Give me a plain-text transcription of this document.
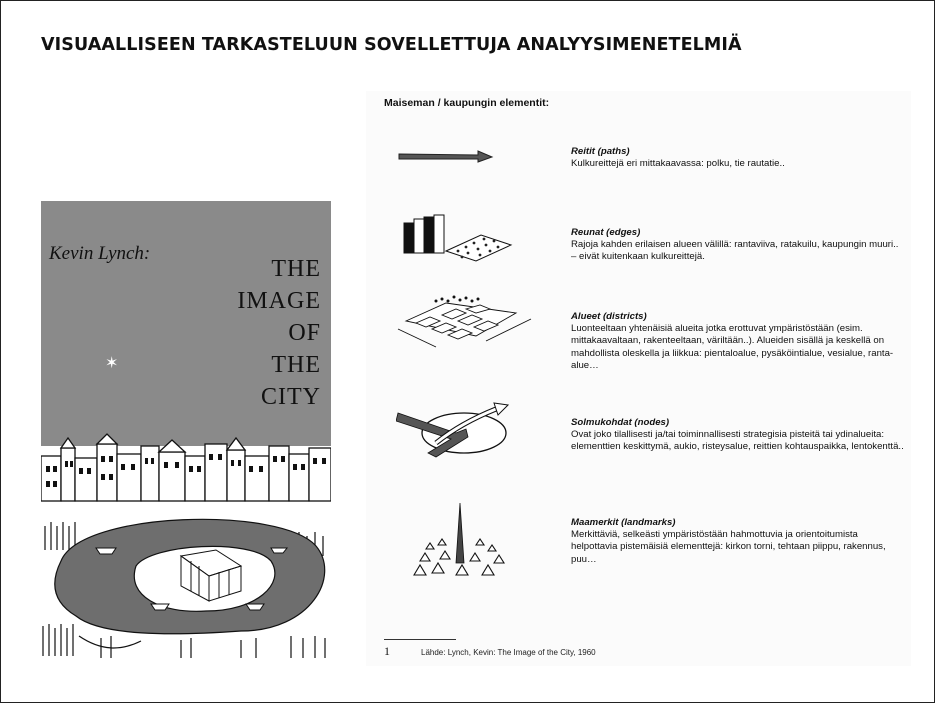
VISUAALLISEEN TARKASTELUUN SOVELLETTUJA ANALYYSIMENETELMIÄ
Kevin Lynch:
THE
IMAGE
OF
THE
CITY
✶
Maiseman / kaupungin elementit:
Reitit (paths)
Kulkureittejä eri mittakaavassa: polku, tie rautatie..
Reunat (edges)
Rajoja kahden erilaisen alueen välillä: rantaviiva, ratakuilu, kaupungin muuri.. – eivät kuitenkaan kulkureittejä.
Alueet (districts)
Luonteeltaan yhtenäisiä alueita jotka erottuvat ympäristöstään (esim. mittakaavaltaan, rakenteeltaan, väriltään..). Alueiden sisällä ja keskellä on mahdollista oleskella ja liikkua: pientaloalue, pysäköintialue, vesialue, ranta-alue…
Solmukohdat (nodes)
Ovat joko tilallisesti ja/tai toiminnallisesti strategisia pisteitä tai ydinalueita: elementtien keskittymä, aukio, risteysalue, reittien kohtauspaikka, lentokenttä..
Maamerkit (landmarks)
Merkittäviä, selkeästi ympäristöstään hahmottuvia ja orientoitumista helpottavia pistemäisiä elementtejä: kirkon torni, tehtaan piippu, rakennus, puu…
1	Lähde: Lynch, Kevin: The Image of the City, 1960
